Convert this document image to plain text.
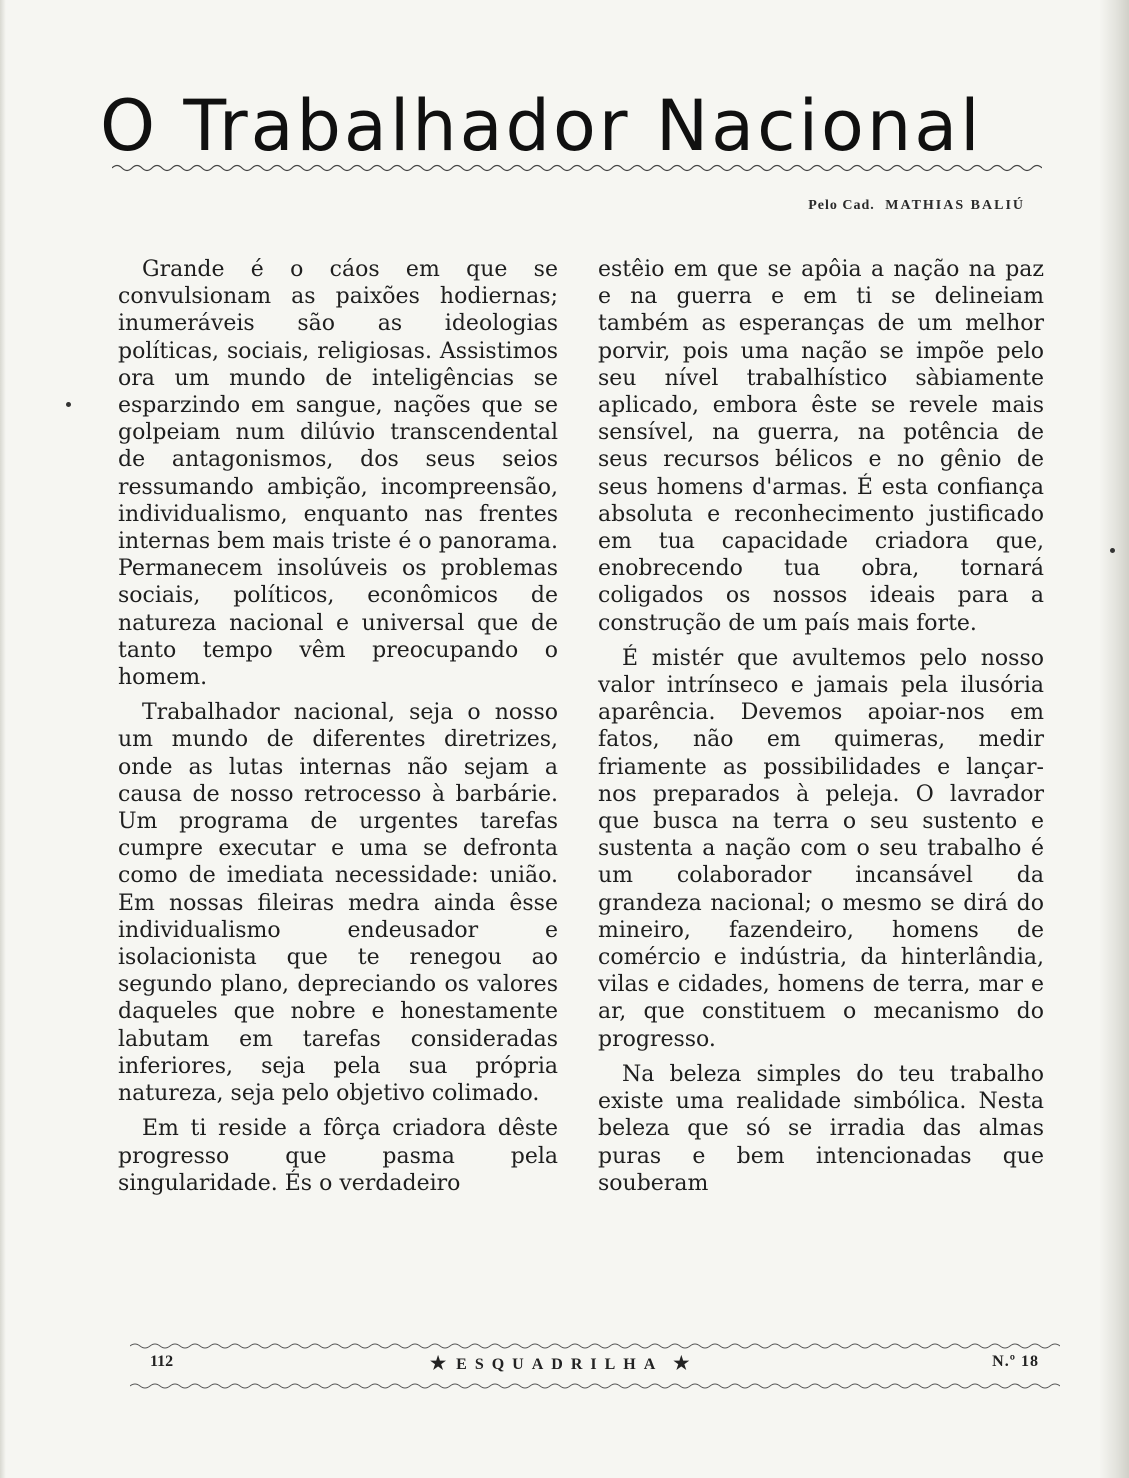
O Trabalhador Nacional
Pelo Cad. MATHIAS BALIÚ

Grande é o cáos em que se convulsionam as paixões hodiernas; inumeráveis são as ideologias políticas, sociais, religiosas. Assistimos ora um mundo de inteligências se esparzindo em sangue, nações que se golpeiam num dilúvio transcendental de antagonismos, dos seus seios ressumando ambição, incompreensão, individualismo, enquanto nas frentes internas bem mais triste é o panorama. Permanecem insolúveis os problemas sociais, políticos, econômicos de natureza nacional e universal que de tanto tempo vêm preocupando o homem.

Trabalhador nacional, seja o nosso um mundo de diferentes diretrizes, onde as lutas internas não sejam a causa de nosso retrocesso à barbárie. Um programa de urgentes tarefas cumpre executar e uma se defronta como de imediata necessidade: união. Em nossas fileiras medra ainda êsse individualismo endeusador e isolacionista que te renegou ao segundo plano, depreciando os valores daqueles que nobre e honestamente labutam em tarefas consideradas inferiores, seja pela sua própria natureza, seja pelo objetivo colimado.

Em ti reside a fôrça criadora dêste progresso que pasma pela singularidade. És o verdadeiro

estêio em que se apôia a nação na paz e na guerra e em ti se delineiam também as esperanças de um melhor porvir, pois uma nação se impõe pelo seu nível trabalhístico sàbiamente aplicado, embora êste se revele mais sensível, na guerra, na potência de seus recursos bélicos e no gênio de seus homens d'armas. É esta confiança absoluta e reconhecimento justificado em tua capacidade criadora que, enobrecendo tua obra, tornará coligados os nossos ideais para a construção de um país mais forte.

É mistér que avultemos pelo nosso valor intrínseco e jamais pela ilusória aparência. Devemos apoiar-nos em fatos, não em quimeras, medir friamente as possibilidades e lançar-nos preparados à peleja. O lavrador que busca na terra o seu sustento e sustenta a nação com o seu trabalho é um colaborador incansável da grandeza nacional; o mesmo se dirá do mineiro, fazendeiro, homens de comércio e indústria, da hinterlândia, vilas e cidades, homens de terra, mar e ar, que constituem o mecanismo do progresso.

Na beleza simples do teu trabalho existe uma realidade simbólica. Nesta beleza que só se irradia das almas puras e bem intencionadas que souberam

112	★ ESQUADRILHA ★	N.º 18
